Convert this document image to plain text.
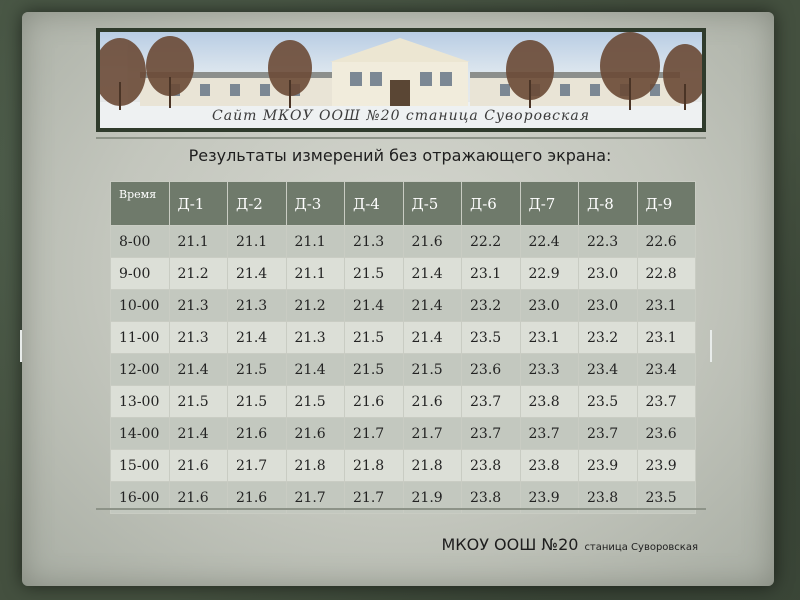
Сайт МКОУ ООШ №20 станица Суворовская
Результаты измерений без отражающего экрана:
Время	Д-1	Д-2	Д-3	Д-4	Д-5	Д-6	Д-7	Д-8	Д-9
8-00	21.1	21.1	21.1	21.3	21.6	22.2	22.4	22.3	22.6
9-00	21.2	21.4	21.1	21.5	21.4	23.1	22.9	23.0	22.8
10-00	21.3	21.3	21.2	21.4	21.4	23.2	23.0	23.0	23.1
11-00	21.3	21.4	21.3	21.5	21.4	23.5	23.1	23.2	23.1
12-00	21.4	21.5	21.4	21.5	21.5	23.6	23.3	23.4	23.4
13-00	21.5	21.5	21.5	21.6	21.6	23.7	23.8	23.5	23.7
14-00	21.4	21.6	21.6	21.7	21.7	23.7	23.7	23.7	23.6
15-00	21.6	21.7	21.8	21.8	21.8	23.8	23.8	23.9	23.9
16-00	21.6	21.6	21.7	21.7	21.9	23.8	23.9	23.8	23.5
МКОУ ООШ №20 станица Суворовская
